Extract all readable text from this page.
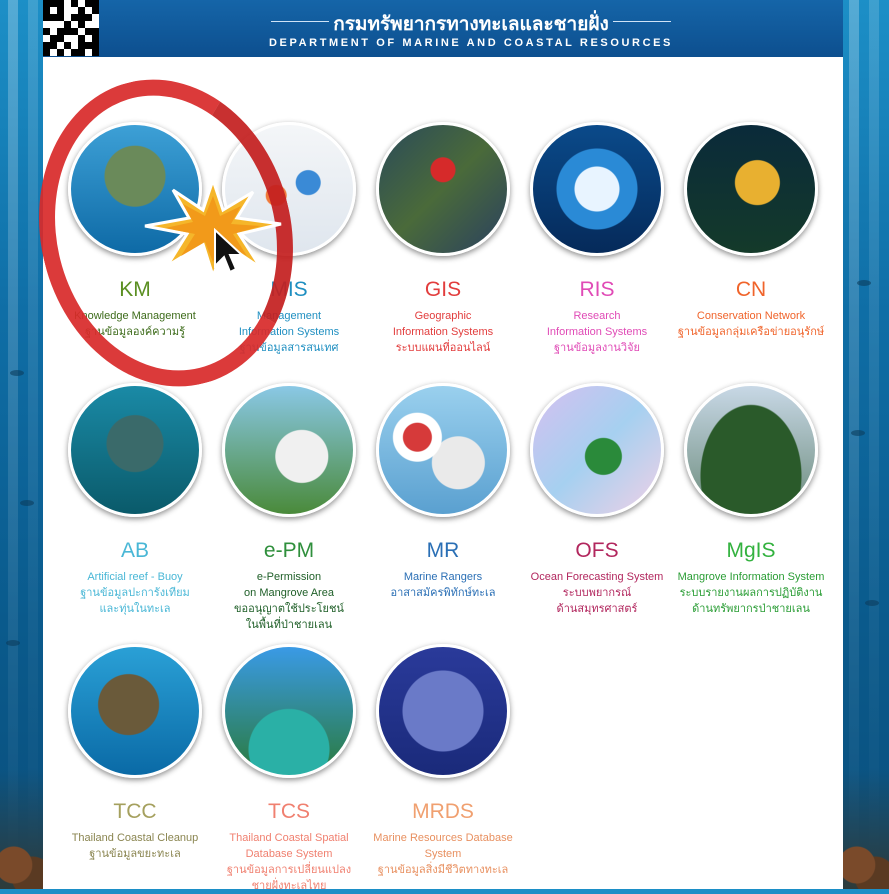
กรมทรัพยากรทางทะเลและชายฝั่ง
DEPARTMENT OF MARINE AND COASTAL RESOURCES
KM
Knowledge Management
ฐานข้อมูลองค์ความรู้
MIS
Management
Information Systems
ฐานข้อมูลสารสนเทศ
GIS
Geographic
Information Systems
ระบบแผนที่ออนไลน์
RIS
Research
Information Systems
ฐานข้อมูลงานวิจัย
CN
Conservation Network
ฐานข้อมูลกลุ่มเครือข่ายอนุรักษ์
AB
Artificial reef - Buoy
ฐานข้อมูลปะการังเทียม
และทุ่นในทะเล
e-PM
e-Permission
on Mangrove Area
ขออนุญาตใช้ประโยชน์
ในพื้นที่ป่าชายเลน
MR
Marine Rangers
อาสาสมัครพิทักษ์ทะเล
OFS
Ocean Forecasting System
ระบบพยากรณ์
ด้านสมุทรศาสตร์
MgIS
Mangrove Information System
ระบบรายงานผลการปฏิบัติงาน
ด้านทรัพยากรป่าชายเลน
TCC
Thailand Coastal Cleanup
ฐานข้อมูลขยะทะเล
TCS
Thailand Coastal Spatial
Database System
ฐานข้อมูลการเปลี่ยนแปลง
ชายฝั่งทะเลไทย
MRDS
Marine Resources Database
System
ฐานข้อมูลสิ่งมีชีวิตทางทะเล
